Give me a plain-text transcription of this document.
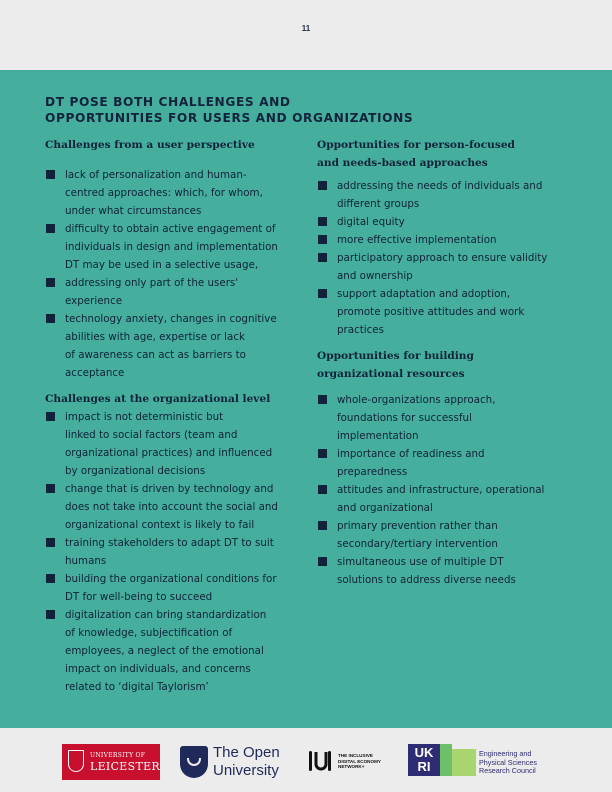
11
DT POSE BOTH CHALLENGES AND
OPPORTUNITIES FOR USERS AND ORGANIZATIONS
Challenges from a user perspective
lack of personalization and human-
centred approaches: which, for whom,
under what circumstances
difficulty to obtain active engagement of
individuals in design and implementation
DT may be used in a selective usage,
addressing only part of the users'
experience
technology anxiety, changes in cognitive
abilities with age, expertise or lack
of awareness can act as barriers to
acceptance
Challenges at the organizational level
impact is not deterministic but
linked to social factors (team and
organizational practices) and influenced
by organizational decisions
change that is driven by technology and
does not take into account the social and
organizational context is likely to fail
training stakeholders to adapt DT to suit
humans
building the organizational conditions for
DT for well-being to succeed
digitalization can bring standardization
of knowledge, subjectification of
employees, a neglect of the emotional
impact on individuals, and concerns
related to ‘digital Taylorism’
Opportunities for person-focused
and needs-based approaches
addressing the needs of individuals and
different groups
digital equity
more effective implementation
participatory approach to ensure validity
and ownership
support adaptation and adoption,
promote positive attitudes and work
practices
Opportunities for building
organizational resources
whole-organizations approach,
foundations for successful
implementation
importance of readiness and
preparedness
attitudes and infrastructure, operational
and organizational
primary prevention rather than
secondary/tertiary intervention
simultaneous use of multiple DT
solutions to address diverse needs
UNIVERSITY OF
LEICESTER
The Open
University
THE INCLUSIVE
DIGITAL ECONOMY
NETWORK+
UK
RI
Engineering and
Physical Sciences
Research Council
